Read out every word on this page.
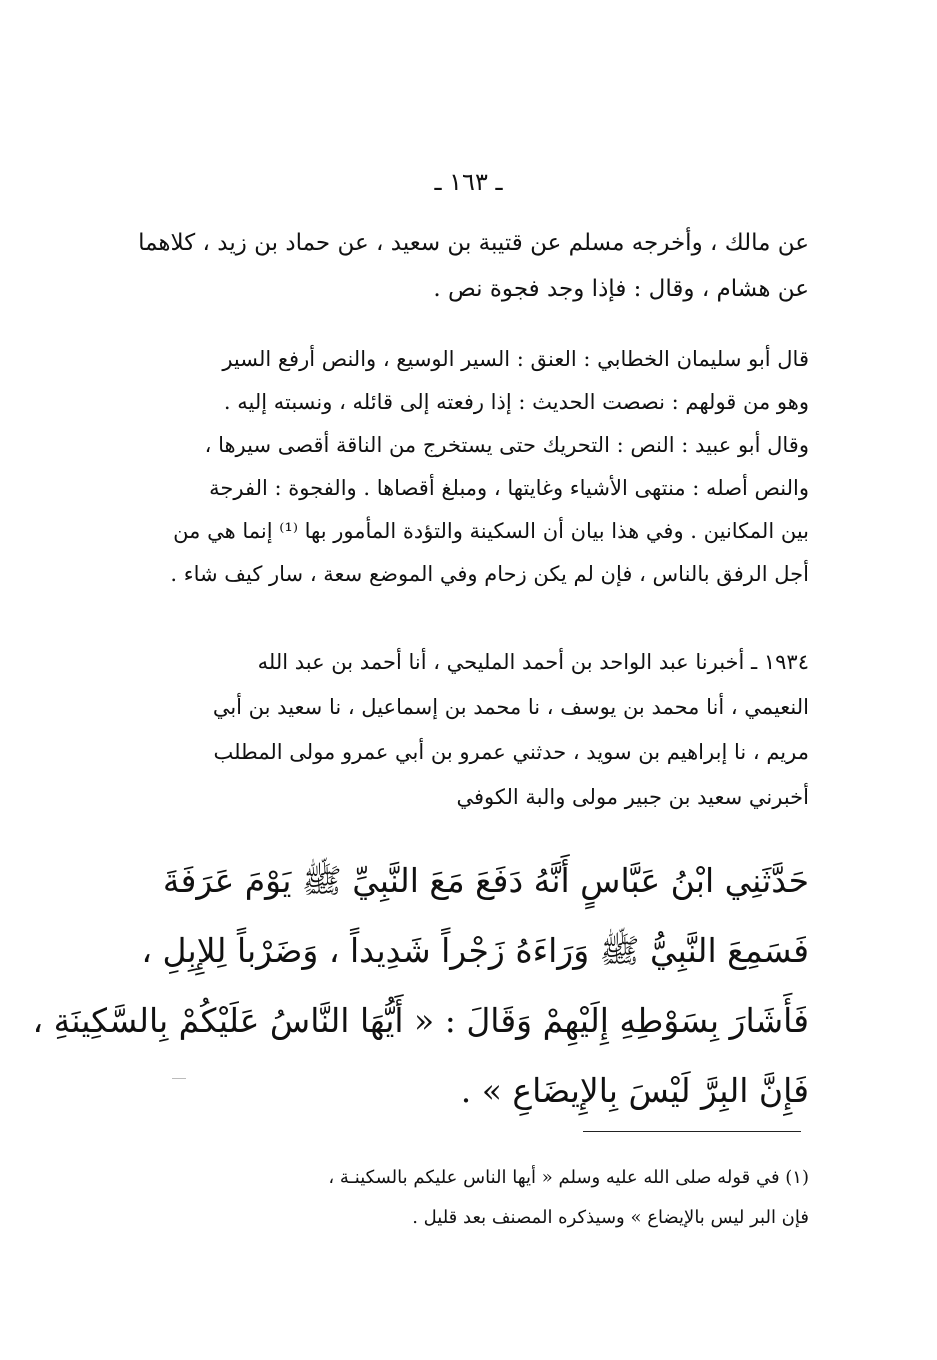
ـ ١٦٣ ـ
عن مالك ، وأخرجه مسلم عن قتيبة بن سعيد ، عن حماد بن زيد ، كلاهما
عن هشام ، وقال : فإذا وجد فجوة نص .
قال أبو سليمان الخطابي : العنق : السير الوسيع ، والنص أرفع السير
وهو من قولهم : نصصت الحديث : إذا رفعته إلى قائله ، ونسبته إليه .
وقال أبو عبيد : النص : التحريك حتى يستخرج من الناقة أقصى سيرها ،
والنص أصله : منتهى الأشياء وغايتها ، ومبلغ أقصاها . والفجوة : الفرجة
بين المكانين . وفي هذا بيان أن السكينة والتؤدة المأمور بها ⁽¹⁾ إنما هي من
أجل الرفق بالناس ، فإن لم يكن زحام وفي الموضع سعة ، سار كيف شاء .
١٩٣٤ ـ أخبرنا عبد الواحد بن أحمد المليحي ، أنا أحمد بن عبد الله
النعيمي ، أنا محمد بن يوسف ، نا محمد بن إسماعيل ، نا سعيد بن أبي
مريم ، نا إبراهيم بن سويد ، حدثني عمرو بن أبي عمرو مولى المطلب
أخبرني سعيد بن جبير مولى والبة الكوفي
حَدَّثَنِي ابْنُ عَبَّاسٍ أَنَّهُ دَفَعَ مَعَ النَّبِيِّ ﷺ يَوْمَ عَرَفَةَ
فَسَمِعَ النَّبِيُّ ﷺ وَرَاءَهُ زَجْراً شَدِيداً ، وَضَرْباً لِلإِبِلِ ،
فَأَشَارَ بِسَوْطِهِ إِلَيْهِمْ وَقَالَ : « أَيُّهَا النَّاسُ عَلَيْكُمْ بِالسَّكِينَةِ ،
فَإِنَّ البِرَّ لَيْسَ بِالإِيضَاعِ » .
(١) في قوله صلى الله عليه وسلم « أيها الناس عليكم بالسكينـة ،
فإن البر ليس بالإيضاع » وسيذكره المصنف بعد قليل .
